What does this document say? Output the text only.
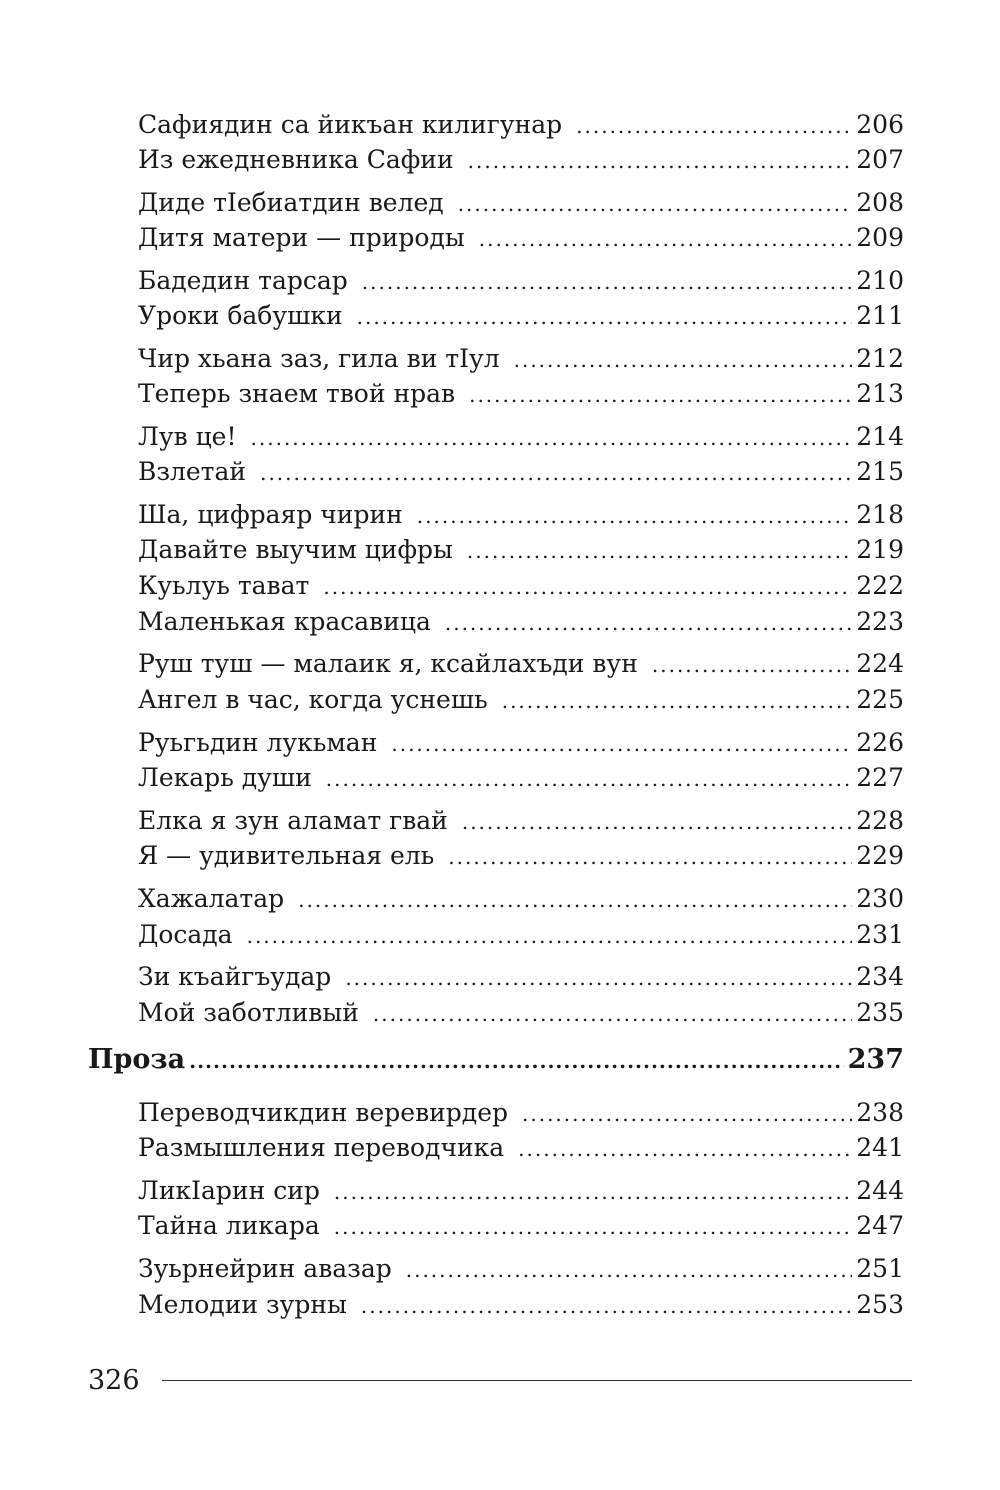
Сафиядин са йикъан килигунар .....	206
Из ежедневника Сафии .....	207
Диде тIебиатдин велед .....	208
Дитя матери — природы .....	209
Бадедин тарсар .....	210
Уроки бабушки .....	211
Чир хьана заз, гила ви тIул .....	212
Теперь знаем твой нрав .....	213
Лув це! .....	214
Взлетай .....	215
Ша, цифраяр чирин .....	218
Давайте выучим цифры .....	219
Куьлуь тават .....	222
Маленькая красавица .....	223
Руш туш — малаик я, ксайлахъди вун .....	224
Ангел в час, когда уснешь .....	225
Руьгьдин лукьман .....	226
Лекарь души .....	227
Елка я зун аламат гвай .....	228
Я — удивительная ель .....	229
Хажалатар .....	230
Досада .....	231
Зи къайгъудар .....	234
Мой заботливый .....	235
Проза .....	237
Переводчикдин веревирдер .....	238
Размышления переводчика .....	241
ЛикIарин сир .....	244
Тайна ликара .....	247
Зуьрнейрин авазар .....	251
Мелодии зурны .....	253
326
